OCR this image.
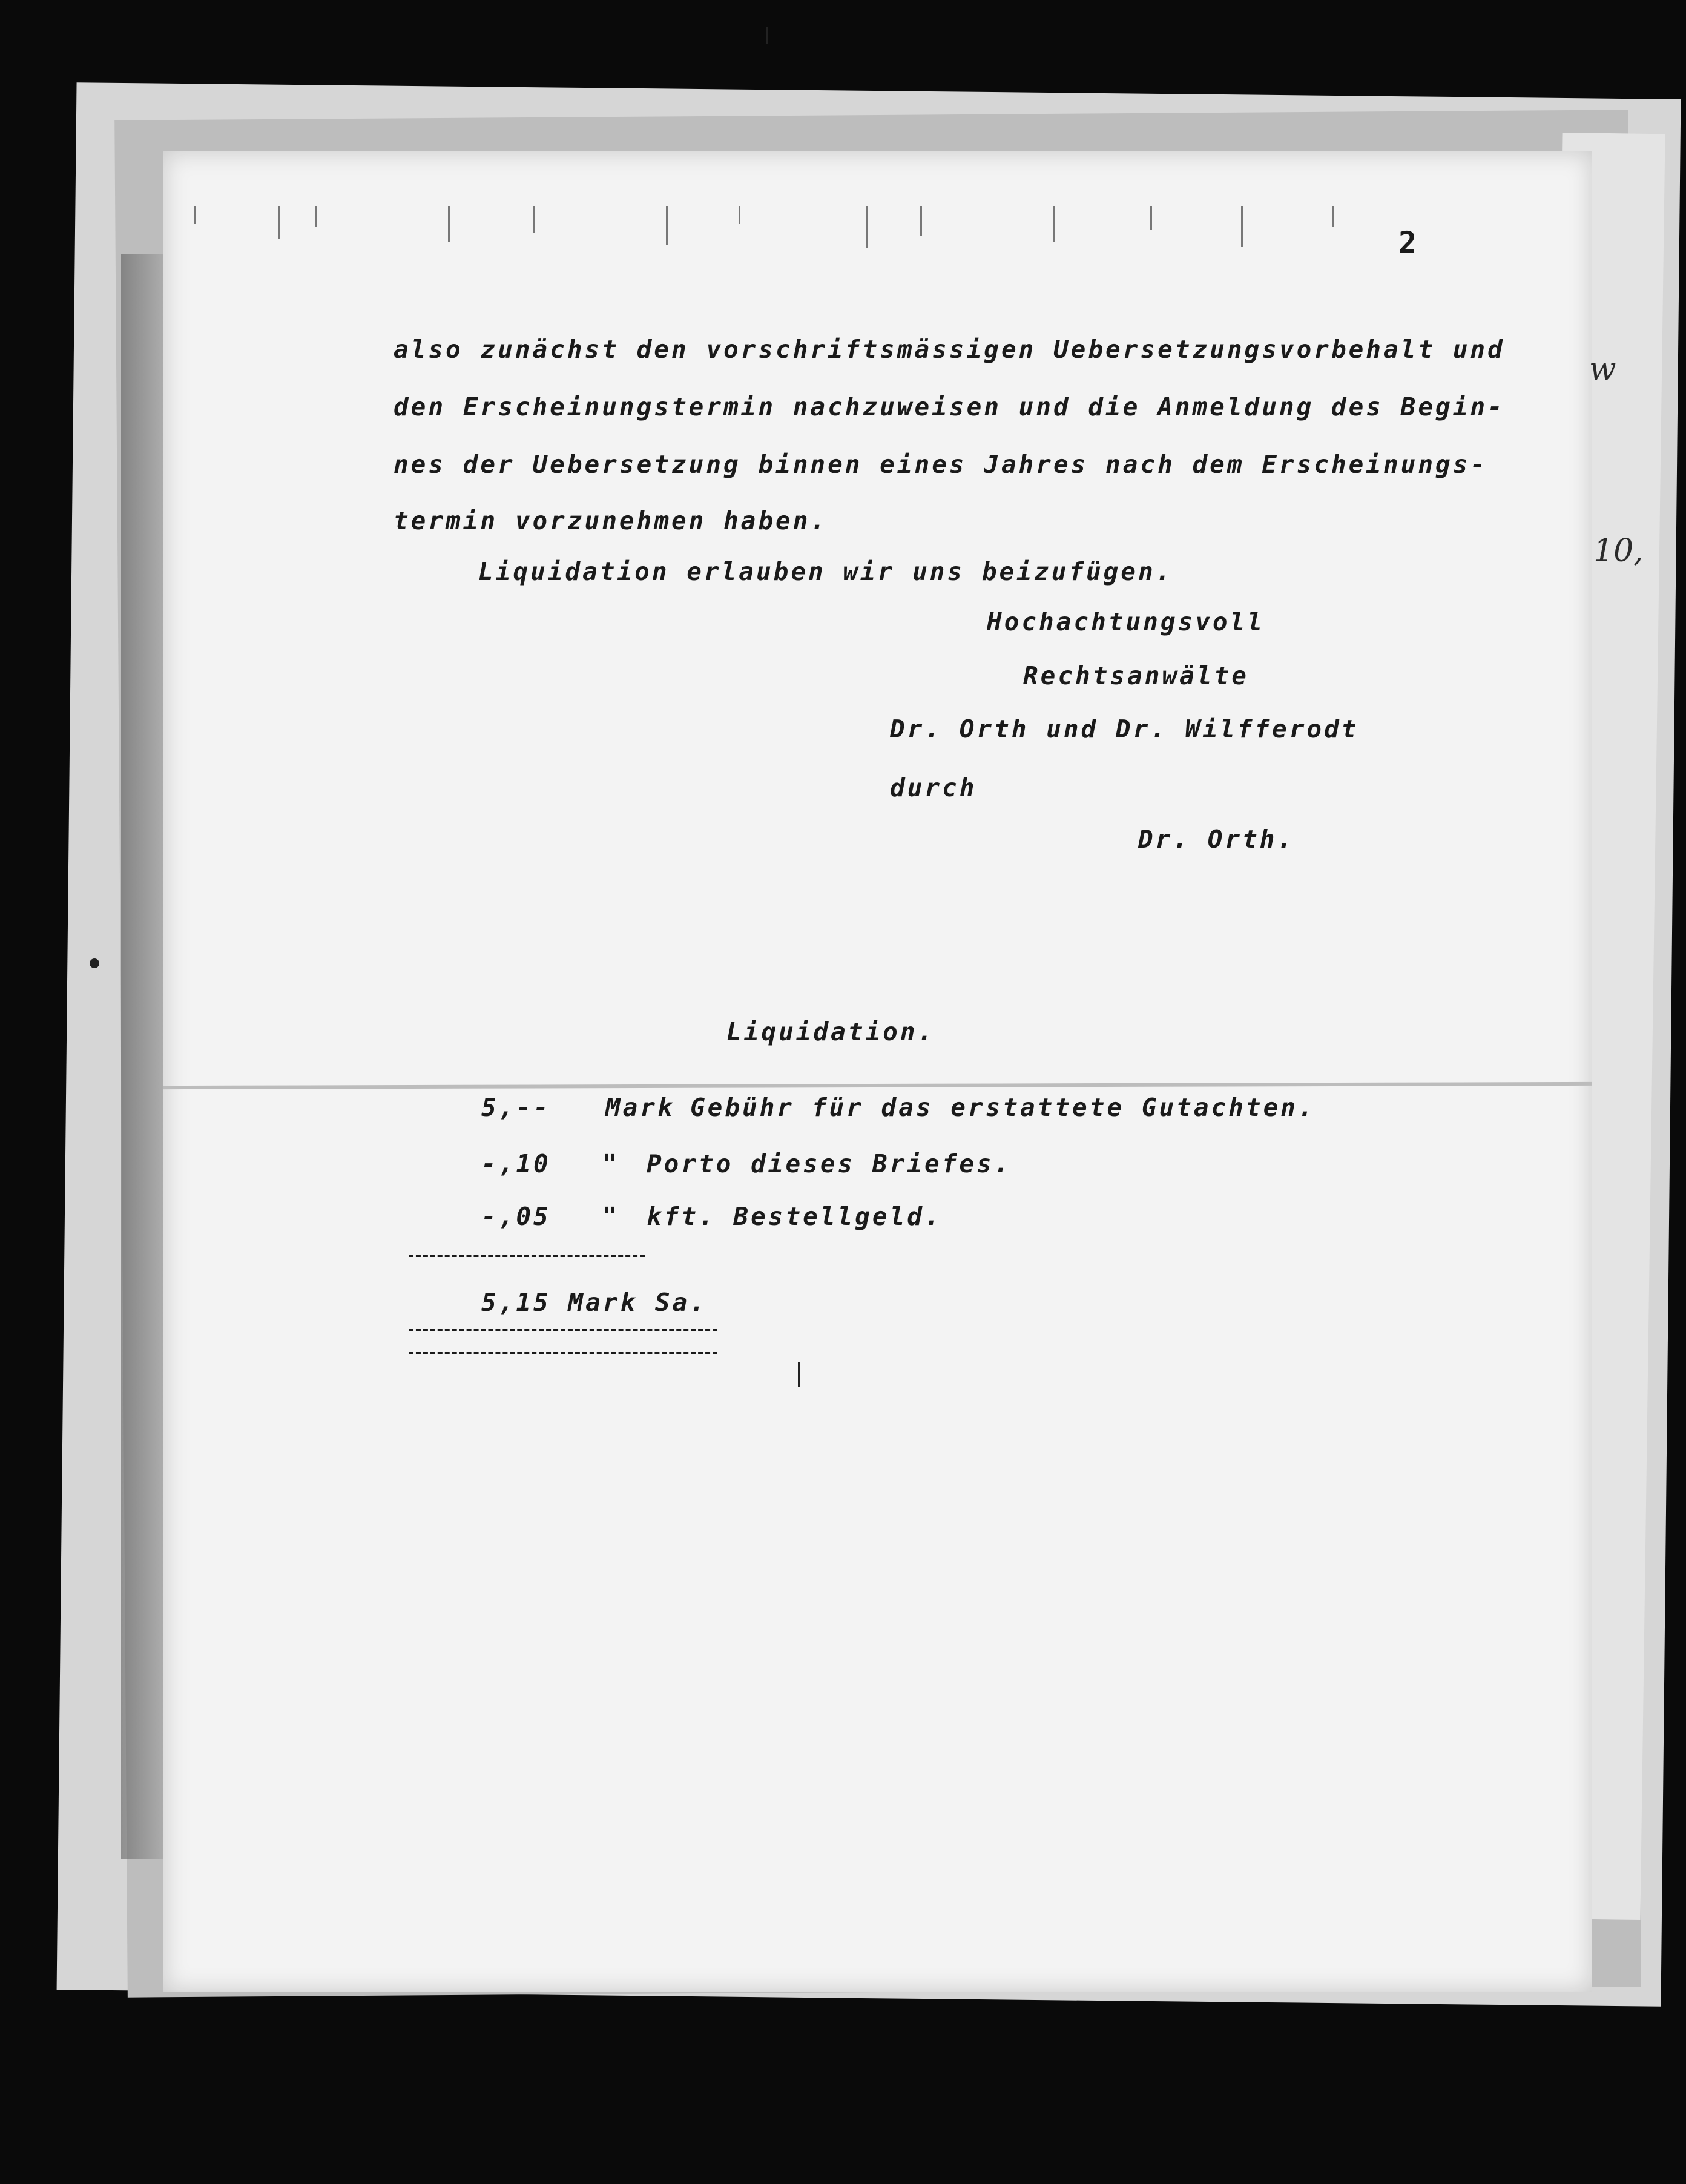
2
also zunächst den vorschriftsmässigen Uebersetzungsvorbehalt und
den Erscheinungstermin nachzuweisen und die Anmeldung des Begin-
nes der Uebersetzung binnen eines Jahres nach dem Erscheinungs-
termin vorzunehmen haben.
Liquidation erlauben wir uns beizufügen.
Hochachtungsvoll
Rechtsanwälte
Dr. Orth und Dr. Wilfferodt
durch
Dr. Orth.
Liquidation.
5,-- Mark Gebühr für das erstattete Gutachten.
-,10 " Porto dieses Briefes.
-,05 " kft. Bestellgeld.
5,15 Mark Sa.
w
10,
